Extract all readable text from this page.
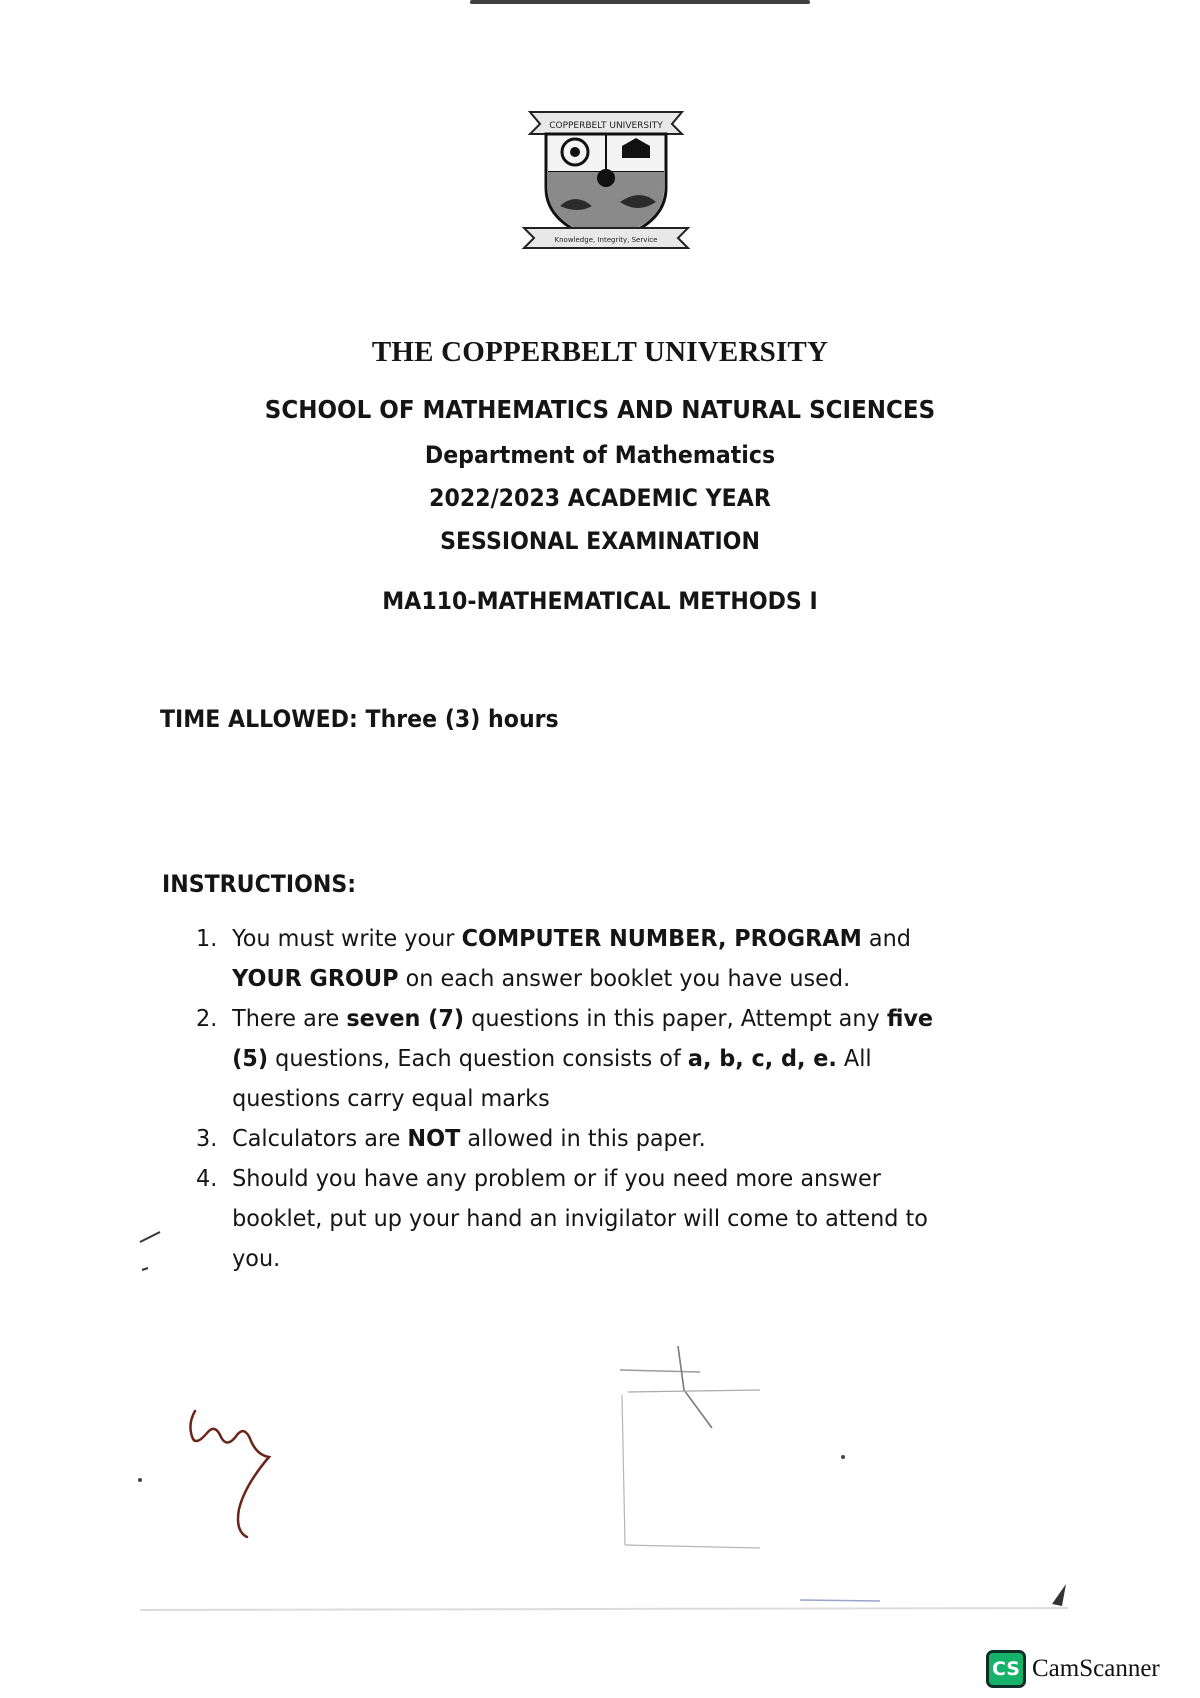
COPPERBELT UNIVERSITY
Knowledge, Integrity, Service
THE COPPERBELT UNIVERSITY
SCHOOL OF MATHEMATICS AND NATURAL SCIENCES
Department of Mathematics
2022/2023 ACADEMIC YEAR
SESSIONAL EXAMINATION
MA110-MATHEMATICAL METHODS I
TIME ALLOWED: Three (3) hours
INSTRUCTIONS:
1. You must write your COMPUTER NUMBER, PROGRAM and YOUR GROUP on each answer booklet you have used.
2. There are seven (7) questions in this paper, Attempt any five (5) questions, Each question consists of a, b, c, d, e. All questions carry equal marks
3. Calculators are NOT allowed in this paper.
4. Should you have any problem or if you need more answer booklet, put up your hand an invigilator will come to attend to you.
CS CamScanner
